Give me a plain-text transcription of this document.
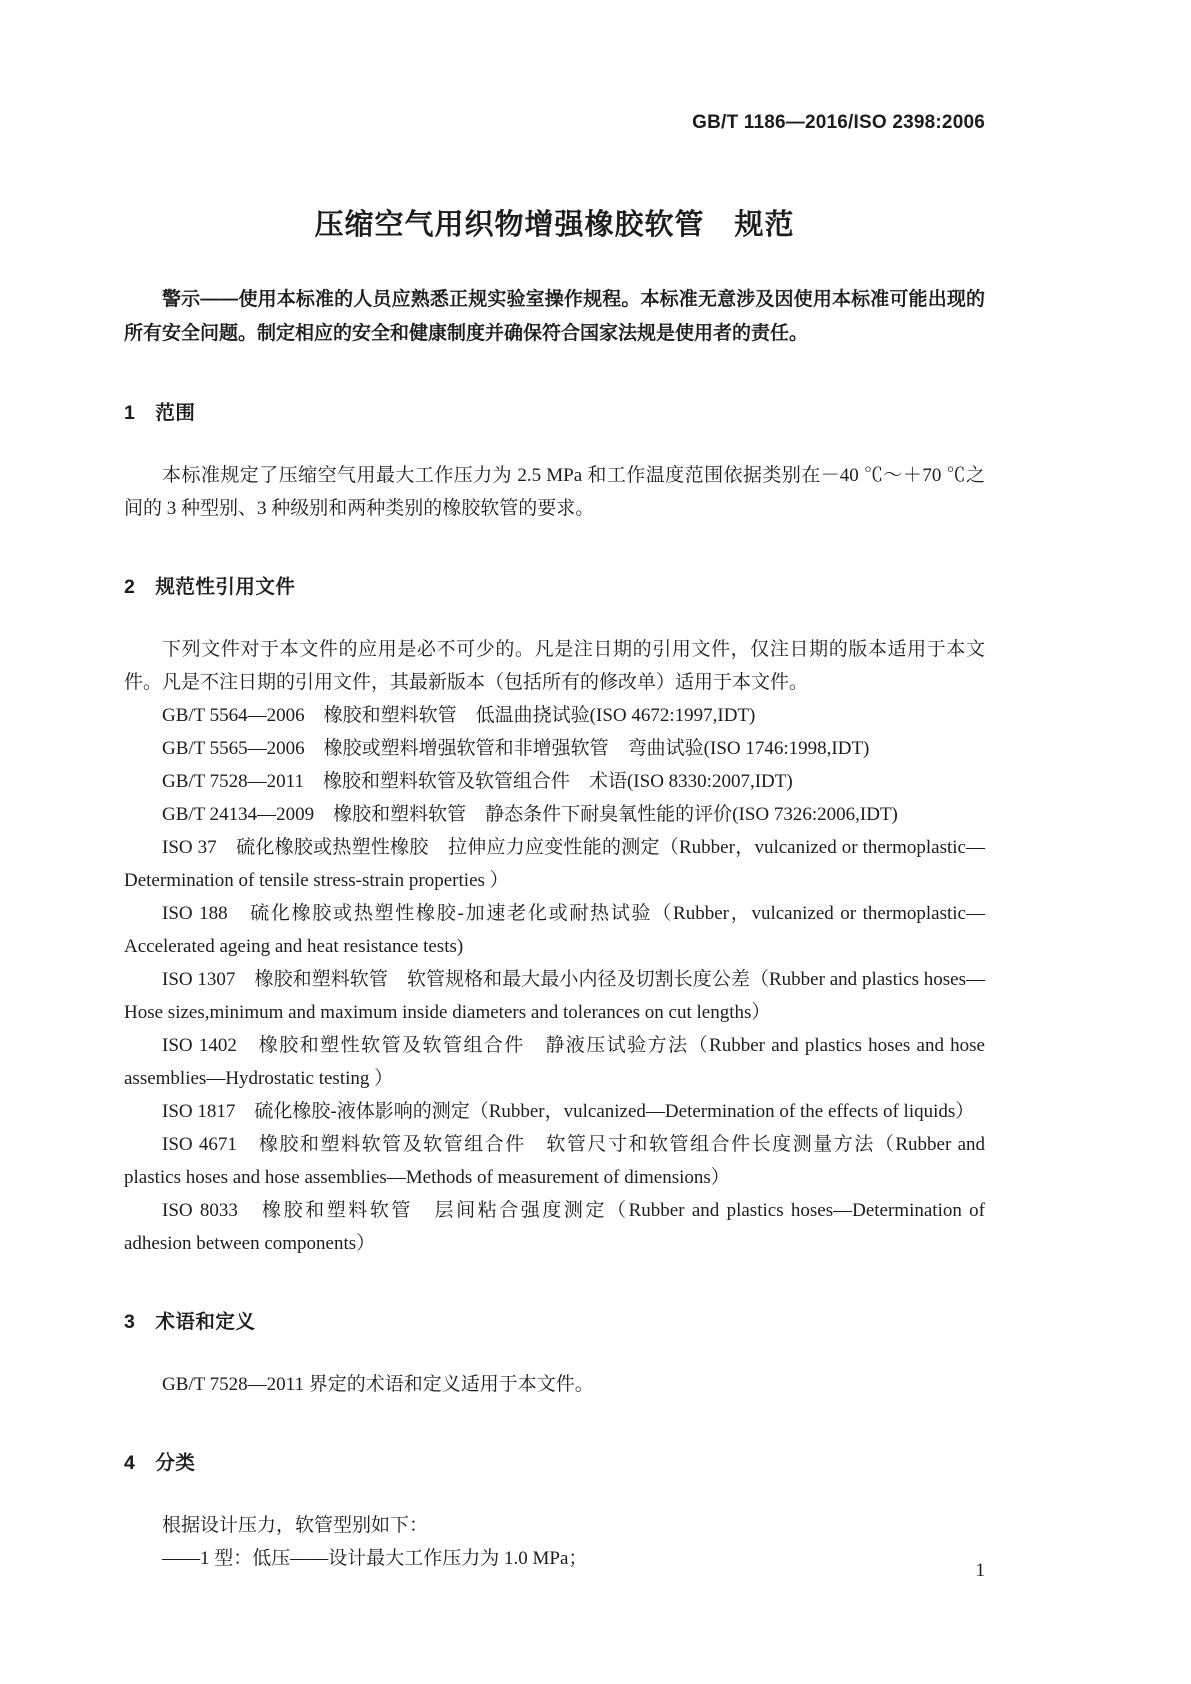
GB/T 1186—2016/ISO 2398:2006
压缩空气用织物增强橡胶软管　规范

警示——使用本标准的人员应熟悉正规实验室操作规程。本标准无意涉及因使用本标准可能出现的所有安全问题。制定相应的安全和健康制度并确保符合国家法规是使用者的责任。

1　范围

本标准规定了压缩空气用最大工作压力为 2.5 MPa 和工作温度范围依据类别在－40 ℃～＋70 ℃之间的 3 种型别、3 种级别和两种类别的橡胶软管的要求。

2　规范性引用文件

下列文件对于本文件的应用是必不可少的。凡是注日期的引用文件，仅注日期的版本适用于本文件。凡是不注日期的引用文件，其最新版本（包括所有的修改单）适用于本文件。

GB/T 5564—2006　橡胶和塑料软管　低温曲挠试验(ISO 4672:1997,IDT)

GB/T 5565—2006　橡胶或塑料增强软管和非增强软管　弯曲试验(ISO 1746:1998,IDT)

GB/T 7528—2011　橡胶和塑料软管及软管组合件　术语(ISO 8330:2007,IDT)

GB/T 24134—2009　橡胶和塑料软管　静态条件下耐臭氧性能的评价(ISO 7326:2006,IDT)

ISO 37　硫化橡胶或热塑性橡胶　拉伸应力应变性能的测定（Rubber，vulcanized or thermoplastic—Determination of tensile stress-strain properties ）

ISO 188　硫化橡胶或热塑性橡胶-加速老化或耐热试验（Rubber，vulcanized or thermoplastic—Accelerated ageing and heat resistance tests)

ISO 1307　橡胶和塑料软管　软管规格和最大最小内径及切割长度公差（Rubber and plastics hoses—Hose sizes,minimum and maximum inside diameters and tolerances on cut lengths）

ISO 1402　橡胶和塑性软管及软管组合件　静液压试验方法（Rubber and plastics hoses and hose assemblies—Hydrostatic testing ）

ISO 1817　硫化橡胶-液体影响的测定（Rubber，vulcanized—Determination of the effects of liquids）

ISO 4671　橡胶和塑料软管及软管组合件　软管尺寸和软管组合件长度测量方法（Rubber and plastics hoses and hose assemblies—Methods of measurement of dimensions）

ISO 8033　橡胶和塑料软管　层间粘合强度测定（Rubber and plastics hoses—Determination of adhesion between components）

3　术语和定义

GB/T 7528—2011 界定的术语和定义适用于本文件。

4　分类

根据设计压力，软管型别如下：

——1 型：低压——设计最大工作压力为 1.0 MPa；

1
